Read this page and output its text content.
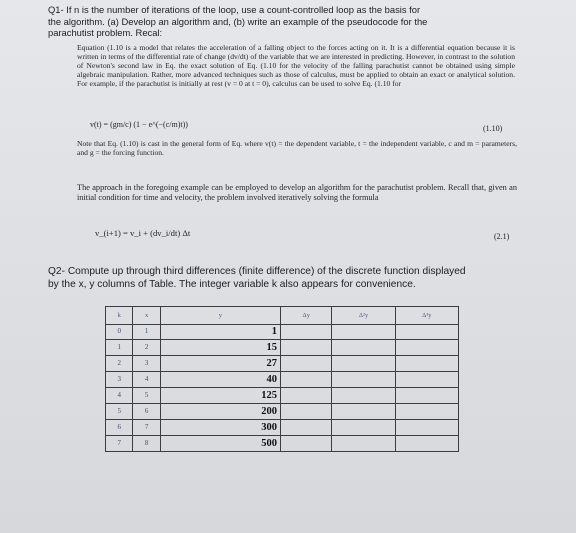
Q1- If n is the number of iterations of the loop, use a count-controlled loop as the basis for
the algorithm. (a) Develop an algorithm and, (b) write an example of the pseudocode for the
parachutist problem. Recal:
Equation (1.10 is a model that relates the acceleration of a falling object to the forces acting on it. It is a differential equation because it is written in terms of the differential rate of change (dv/dt) of the variable that we are interested in predicting. However, in contrast to the solution of Newton's second law in Eq. the exact solution of Eq. (1.10 for the velocity of the falling parachutist cannot be obtained using simple algebraic manipulation. Rather, more advanced techniques such as those of calculus, must be applied to obtain an exact or analytical solution. For example, if the parachutist is initially at rest (v = 0 at t = 0), calculus can be used to solve Eq. (1.10 for
v(t) = (gm/c) (1 − e^(−(c/m)t))	(1.10)
Note that Eq. (1.10) is cast in the general form of Eq. where v(t) = the dependent variable, t = the independent variable, c and m = parameters, and g = the forcing function.
The approach in the foregoing example can be employed to develop an algorithm for the parachutist problem. Recall that, given an initial condition for time and velocity, the problem involved iteratively solving the formula
v_(i+1) = v_i + (dv_i/dt) Δt	(2.1)
Q2- Compute up through third differences (finite difference) of the discrete function displayed
by the x, y columns of Table. The integer variable k also appears for convenience.
k	x	y	Δy	Δ²y	Δ³y
0	1	1			
1	2	15			
2	3	27			
3	4	40			
4	5	125			
5	6	200			
6	7	300			
7	8	500			
